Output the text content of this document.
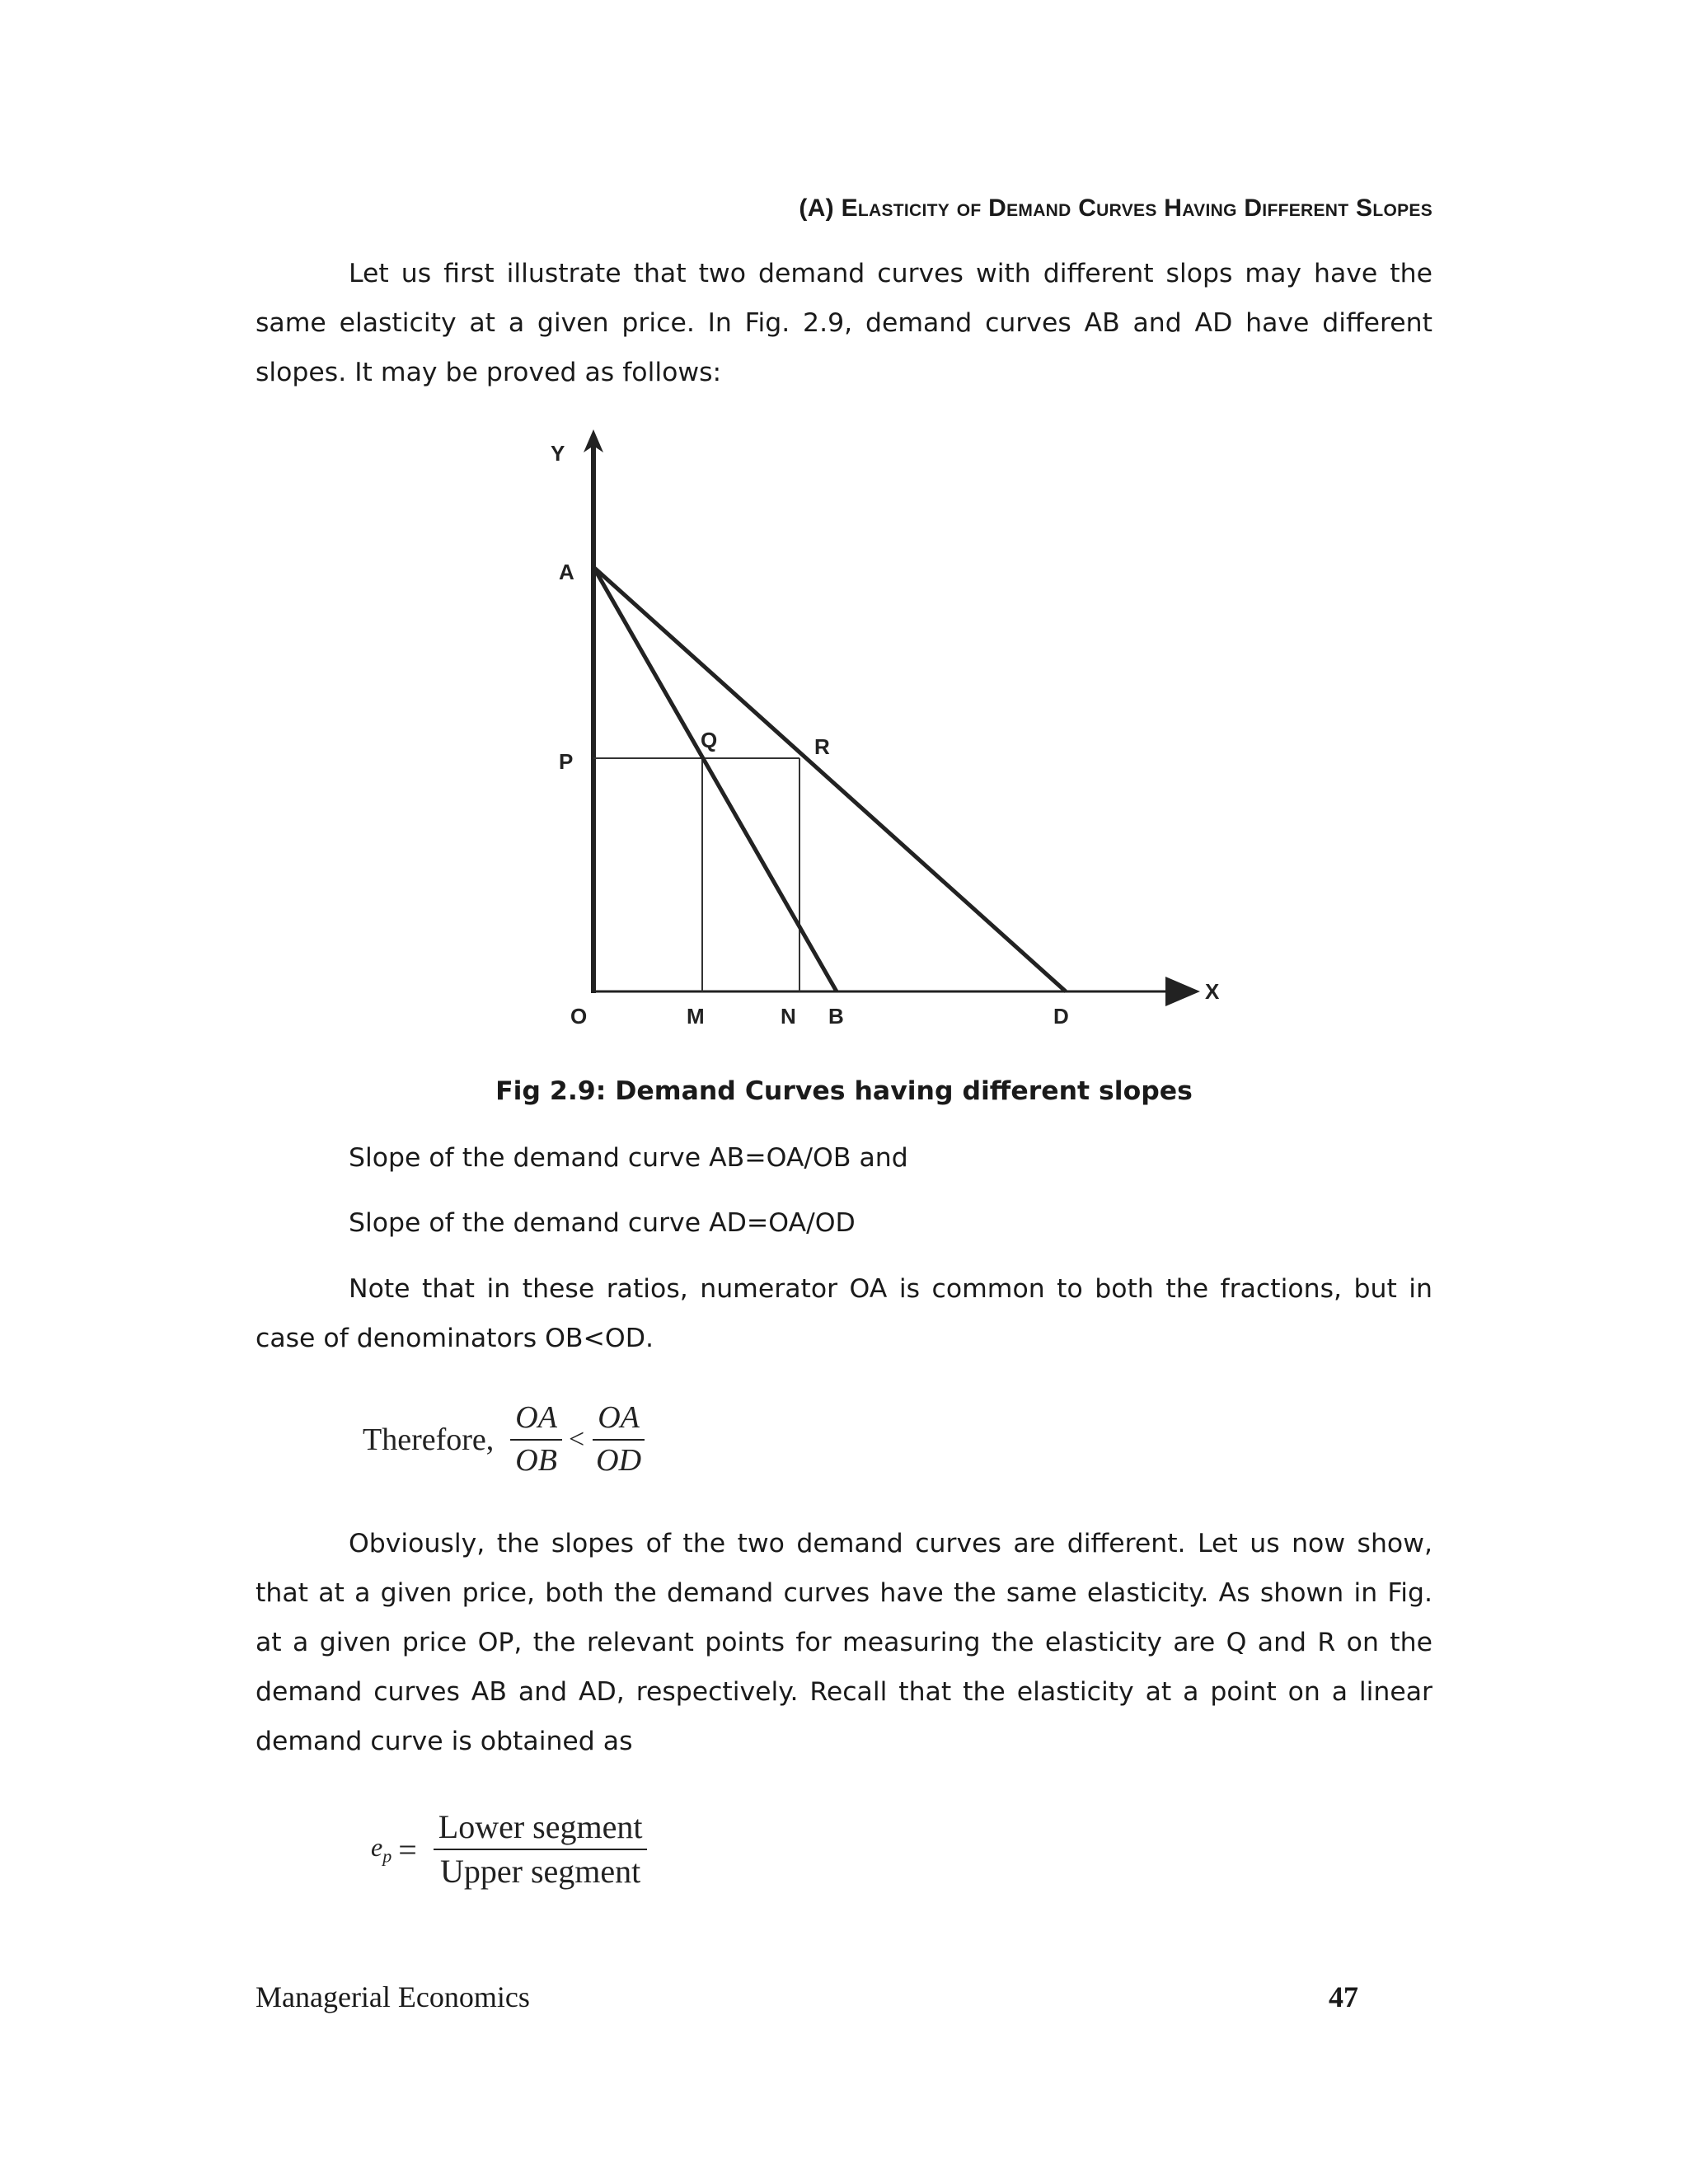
(A) Elasticity of Demand Curves Having Different Slopes

Let us first illustrate that two demand curves with different slops may have the same elasticity at a given price. In Fig. 2.9, demand curves AB and AD have different slopes. It may be proved as follows:

Y
A
P
Q	R
O	M	N B	D
X
Fig 2.9: Demand Curves having different slopes
Slope of the demand curve AB=OA/OB and
Slope of the demand curve AD=OA/OD

Note that in these ratios, numerator OA is common to both the fractions, but in case of denominators OB<OD.

Therefore, $\frac{OA}{OB} < \frac{OA}{OD}$

Obviously, the slopes of the two demand curves are different. Let us now show, that at a given price, both the demand curves have the same elasticity. As shown in Fig. at a given price OP, the relevant points for measuring the elasticity are Q and R on the demand curves AB and AD, respectively. Recall that the elasticity at a point on a linear demand curve is obtained as

$e_p = \frac{\text{Lower segment}}{\text{Upper segment}}$
Managerial Economics	47
